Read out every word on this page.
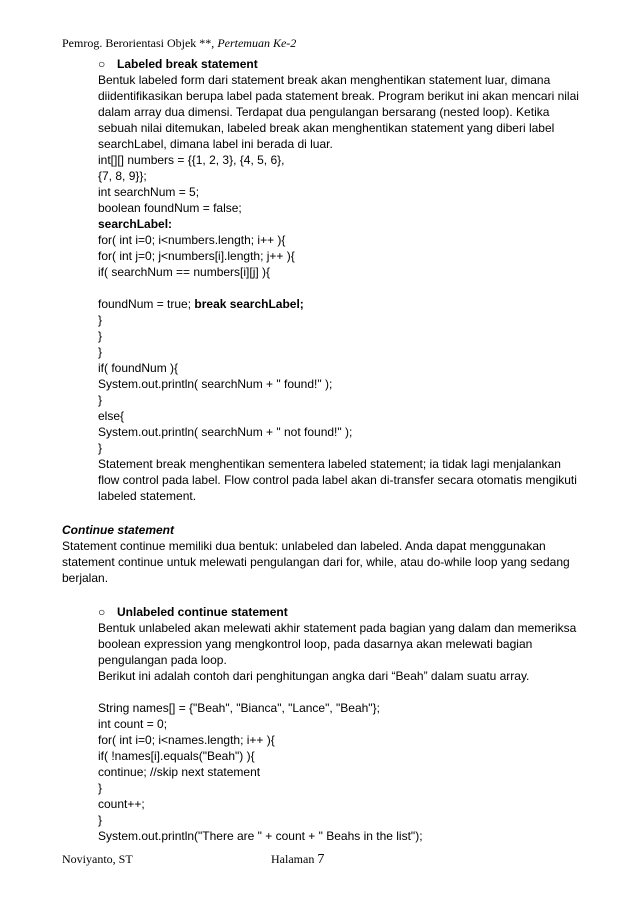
Pemrog. Berorientasi Objek **, Pertemuan Ke-2
○ Labeled break statement

Bentuk labeled form dari statement break akan menghentikan statement luar, dimana

diidentifikasikan berupa label pada statement break. Program berikut ini akan mencari nilai

dalam array dua dimensi. Terdapat dua pengulangan bersarang (nested loop). Ketika

sebuah nilai ditemukan, labeled break akan menghentikan statement yang diberi label

searchLabel, dimana label ini berada di luar.

int[][] numbers = {{1, 2, 3}, {4, 5, 6},

{7, 8, 9}};

int searchNum = 5;

boolean foundNum = false;

searchLabel:

for( int i=0; i<numbers.length; i++ ){

for( int j=0; j<numbers[i].length; j++ ){

if( searchNum == numbers[i][j] ){

foundNum = true; break searchLabel;

}

}

}

if( foundNum ){

System.out.println( searchNum + " found!" );

}

else{

System.out.println( searchNum + " not found!" );

}

Statement break menghentikan sementera labeled statement; ia tidak lagi menjalankan

flow control pada label. Flow control pada label akan di-transfer secara otomatis mengikuti

labeled statement.

Continue statement

Statement continue memiliki dua bentuk: unlabeled dan labeled. Anda dapat menggunakan

statement continue untuk melewati pengulangan dari for, while, atau do-while loop yang sedang

berjalan.

○ Unlabeled continue statement

Bentuk unlabeled akan melewati akhir statement pada bagian yang dalam dan memeriksa

boolean expression yang mengkontrol loop, pada dasarnya akan melewati bagian

pengulangan pada loop.

Berikut ini adalah contoh dari penghitungan angka dari “Beah” dalam suatu array.

String names[] = {"Beah", "Bianca", "Lance", "Beah"};

int count = 0;

for( int i=0; i<names.length; i++ ){

if( !names[i].equals("Beah") ){

continue; //skip next statement

}

count++;

}

System.out.println("There are " + count + " Beahs in the list");

Noviyanto, ST	Halaman 7
